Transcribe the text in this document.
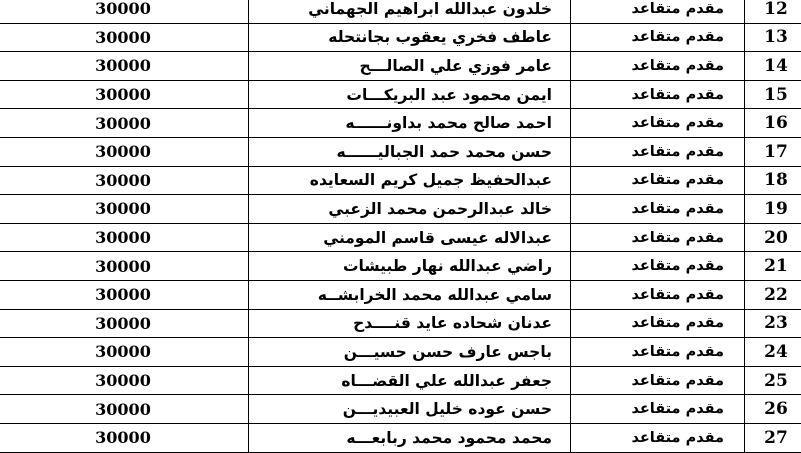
30000	خلدون عبدالله ابراهيم الجهماني	مقدم متقاعد	12
30000	عاطف فخري يعقوب بجانتحله	مقدم متقاعد	13
30000	عامر فوزي علي الصالـــح	مقدم متقاعد	14
30000	ايمن محمود عبد البريكـــات	مقدم متقاعد	15
30000	احمد صالح محمد بداونــــــه	مقدم متقاعد	16
30000	حسن محمد حمد الجباليــــــه	مقدم متقاعد	17
30000	عبدالحفيظ جميل كريم السعايده	مقدم متقاعد	18
30000	خالد عبدالرحمن محمد الزعبي	مقدم متقاعد	19
30000	عبدالاله عيسى قاسم المومني	مقدم متقاعد	20
30000	راضي عبدالله نهار طبيشات	مقدم متقاعد	21
30000	سامي عبدالله محمد الخرابشــه	مقدم متقاعد	22
30000	عدنان شحاده عايد قنــــدح	مقدم متقاعد	23
30000	باجس عارف حسن حسيـــن	مقدم متقاعد	24
30000	جعفر عبدالله علي القضـــاه	مقدم متقاعد	25
30000	حسن عوده خليل العبيديـــن	مقدم متقاعد	26
30000	محمد محمود محمد ربابعـــه	مقدم متقاعد	27
